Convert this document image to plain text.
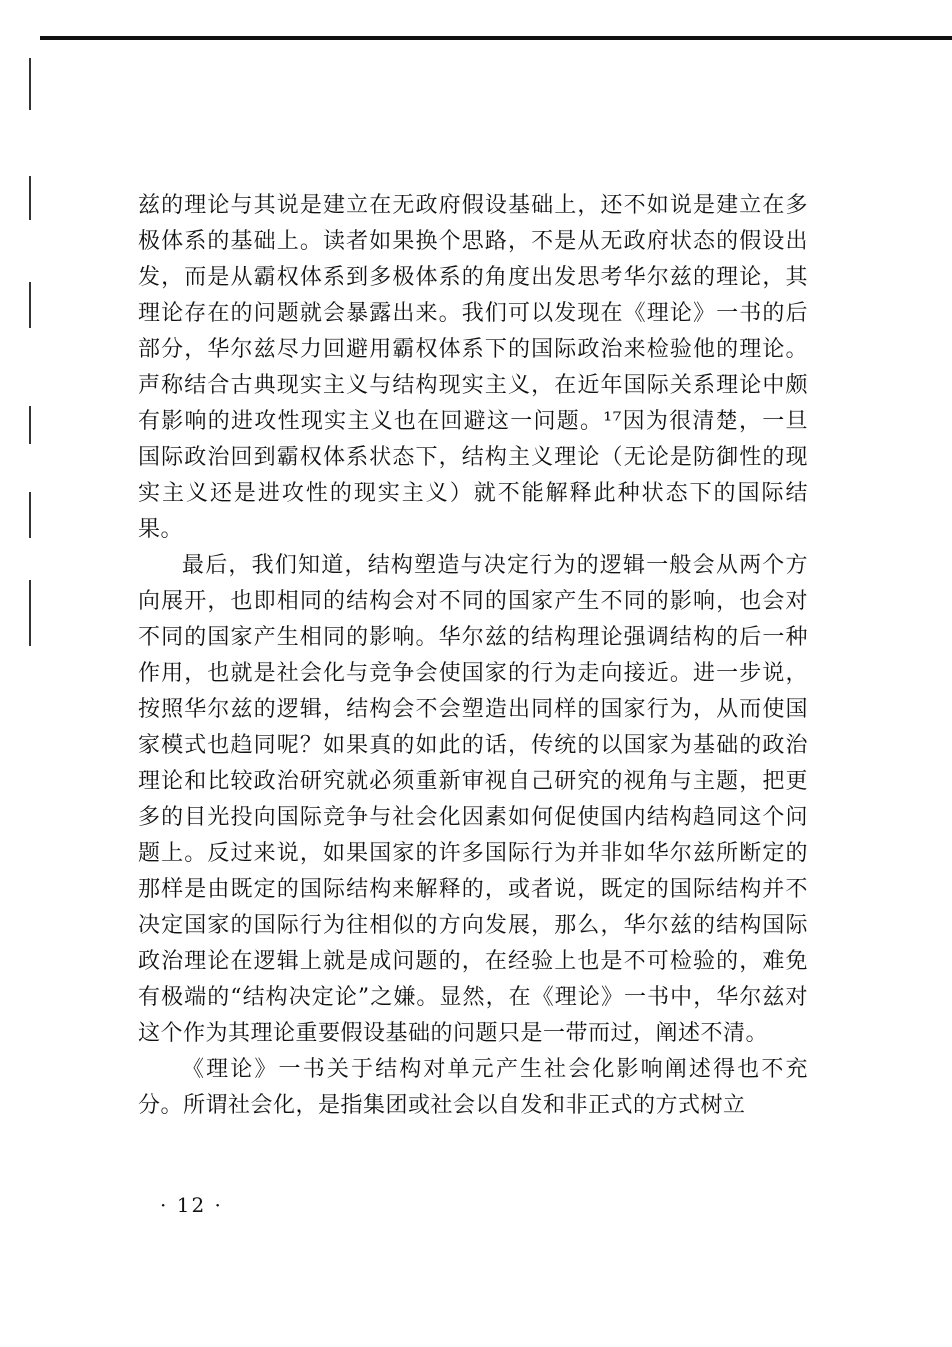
兹的理论与其说是建立在无政府假设基础上，还不如说是建立在多极体系的基础上。读者如果换个思路，不是从无政府状态的假设出发，而是从霸权体系到多极体系的角度出发思考华尔兹的理论，其理论存在的问题就会暴露出来。我们可以发现在《理论》一书的后部分，华尔兹尽力回避用霸权体系下的国际政治来检验他的理论。声称结合古典现实主义与结构现实主义，在近年国际关系理论中颇有影响的进攻性现实主义也在回避这一问题。¹⁷因为很清楚，一旦国际政治回到霸权体系状态下，结构主义理论（无论是防御性的现实主义还是进攻性的现实主义）就不能解释此种状态下的国际结果。

最后，我们知道，结构塑造与决定行为的逻辑一般会从两个方向展开，也即相同的结构会对不同的国家产生不同的影响，也会对不同的国家产生相同的影响。华尔兹的结构理论强调结构的后一种作用，也就是社会化与竞争会使国家的行为走向接近。进一步说，按照华尔兹的逻辑，结构会不会塑造出同样的国家行为，从而使国家模式也趋同呢？如果真的如此的话，传统的以国家为基础的政治理论和比较政治研究就必须重新审视自己研究的视角与主题，把更多的目光投向国际竞争与社会化因素如何促使国内结构趋同这个问题上。反过来说，如果国家的许多国际行为并非如华尔兹所断定的那样是由既定的国际结构来解释的，或者说，既定的国际结构并不决定国家的国际行为往相似的方向发展，那么，华尔兹的结构国际政治理论在逻辑上就是成问题的，在经验上也是不可检验的，难免有极端的“结构决定论”之嫌。显然，在《理论》一书中，华尔兹对这个作为其理论重要假设基础的问题只是一带而过，阐述不清。

《理论》一书关于结构对单元产生社会化影响阐述得也不充分。所谓社会化，是指集团或社会以自发和非正式的方式树立

· 12 ·
